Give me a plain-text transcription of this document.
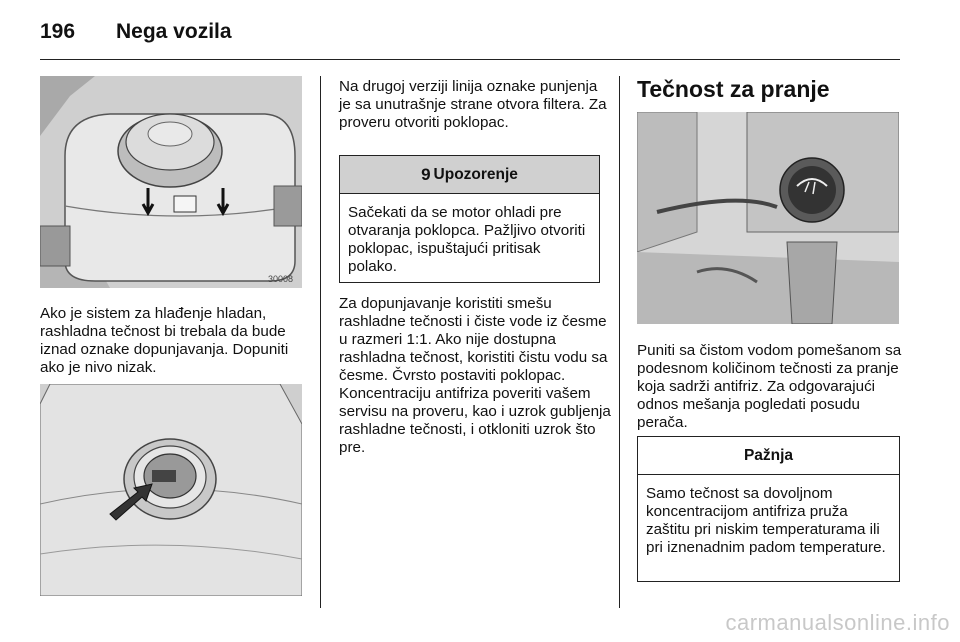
196 Nega vozila
30008

Ako je sistem za hlađenje hladan, rashladna tečnost bi trebala da bude iznad oznake dopunjavanja. Dopuniti ako je nivo nizak.

Na drugoj verziji linija oznake punjenja je sa unutrašnje strane otvora filtera. Za proveru otvoriti poklopac.

9 Upozorenje
Sačekati da se motor ohladi pre otvaranja poklopca. Pažljivo otvoriti poklopac, ispuštajući pritisak polako.

Za dopunjavanje koristiti smešu rashladne tečnosti i čiste vode iz česme u razmeri 1:1. Ako nije dostupna rashladna tečnost, koristiti čistu vodu sa česme. Čvrsto postaviti poklopac. Koncentraciju antifriza poveriti vašem servisu na proveru, kao i uzrok gubljenja rashladne tečnosti, i otkloniti uzrok što pre.

Tečnost za pranje

Puniti sa čistom vodom pomešanom sa podesnom količinom tečnosti za pranje koja sadrži antifriz. Za odgovarajući odnos mešanja pogledati posudu perača.

Pažnja
Samo tečnost sa dovoljnom koncentracijom antifriza pruža zaštitu pri niskim temperaturama ili pri iznenadnim padom temperature.
carmanualsonline.info
